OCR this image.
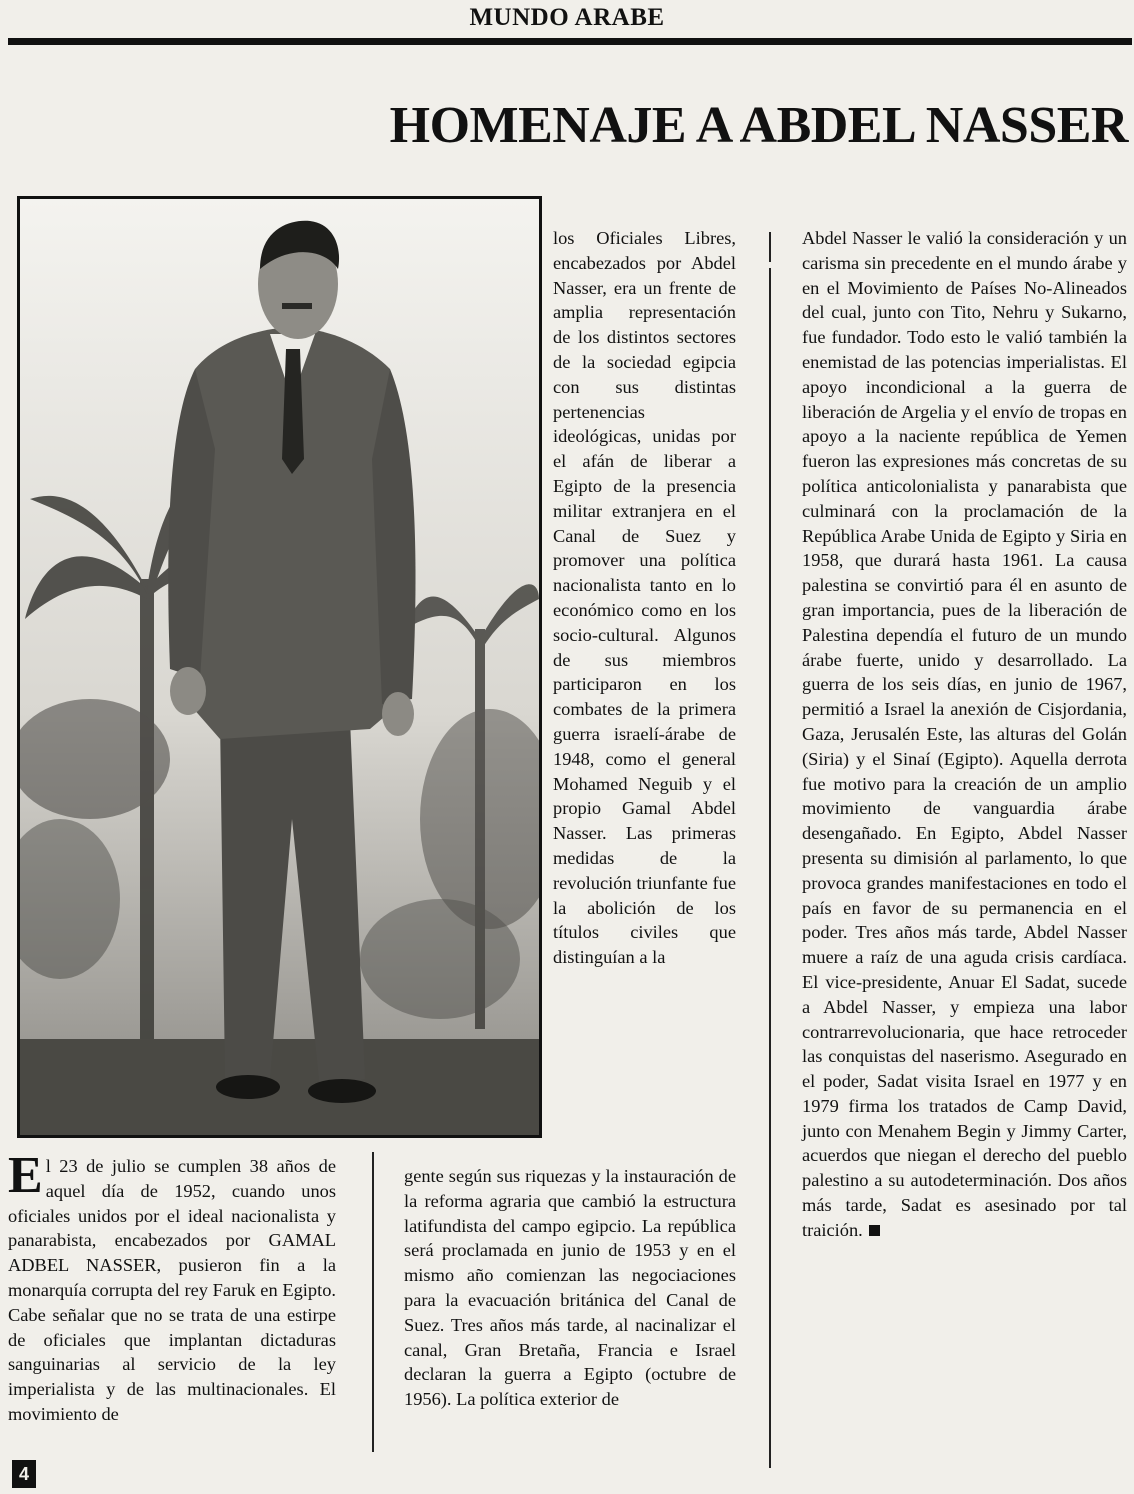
MUNDO ARABE
HOMENAJE A ABDEL NASSER

los Oficiales Libres, encabezados por Abdel Nasser, era un frente de amplia representación de los distintos sectores de la sociedad egipcia con sus distintas pertenencias ideológicas, unidas por el afán de liberar a Egipto de la presencia militar extranjera en el Canal de Suez y promover una política nacionalista tanto en lo económico como en los socio-cultural. Algunos de sus miembros participaron en los combates de la primera guerra israelí-árabe de 1948, como el general Mohamed Neguib y el propio Gamal Abdel Nasser. Las primeras medidas de la revolución triunfante fue la abolición de los títulos civiles que distinguían a la

Abdel Nasser le valió la consideración y un carisma sin precedente en el mundo árabe y en el Movimiento de Países No-Alineados del cual, junto con Tito, Nehru y Sukarno, fue fundador. Todo esto le valió también la enemistad de las potencias imperialistas. El apoyo incondicional a la guerra de liberación de Argelia y el envío de tropas en apoyo a la naciente república de Yemen fueron las expresiones más concretas de su política anticolonialista y panarabista que culminará con la proclamación de la República Arabe Unida de Egipto y Siria en 1958, que durará hasta 1961. La causa palestina se convirtió para él en asunto de gran importancia, pues de la liberación de Palestina dependía el futuro de un mundo árabe fuerte, unido y desarrollado. La guerra de los seis días, en junio de 1967, permitió a Israel la anexión de Cisjordania, Gaza, Jerusalén Este, las alturas del Golán (Siria) y el Sinaí (Egipto). Aquella derrota fue motivo para la creación de un amplio movimiento de vanguardia árabe desengañado. En Egipto, Abdel Nasser presenta su dimisión al parlamento, lo que provoca grandes manifestaciones en todo el país en favor de su permanencia en el poder. Tres años más tarde, Abdel Nasser muere a raíz de una aguda crisis cardíaca. El vice-presidente, Anuar El Sadat, sucede a Abdel Nasser, y empieza una labor contrarrevolucionaria, que hace retroceder las conquistas del naserismo. Asegurado en el poder, Sadat visita Israel en 1977 y en 1979 firma los tratados de Camp David, junto con Menahem Begin y Jimmy Carter, acuerdos que niegan el derecho del pueblo palestino a su autodeterminación. Dos años más tarde, Sadat es asesinado por tal traición.

El 23 de julio se cumplen 38 años de aquel día de 1952, cuando unos oficiales unidos por el ideal nacionalista y panarabista, encabezados por GAMAL ADBEL NASSER, pusieron fin a la monarquía corrupta del rey Faruk en Egipto. Cabe señalar que no se trata de una estirpe de oficiales que implantan dictaduras sanguinarias al servicio de la ley imperialista y de las multinacionales. El movimiento de

gente según sus riquezas y la instauración de la reforma agraria que cambió la estructura latifundista del campo egipcio. La república será proclamada en junio de 1953 y en el mismo año comienzan las negociaciones para la evacuación británica del Canal de Suez. Tres años más tarde, al nacinalizar el canal, Gran Bretaña, Francia e Israel declaran la guerra a Egipto (octubre de 1956). La política exterior de

4
